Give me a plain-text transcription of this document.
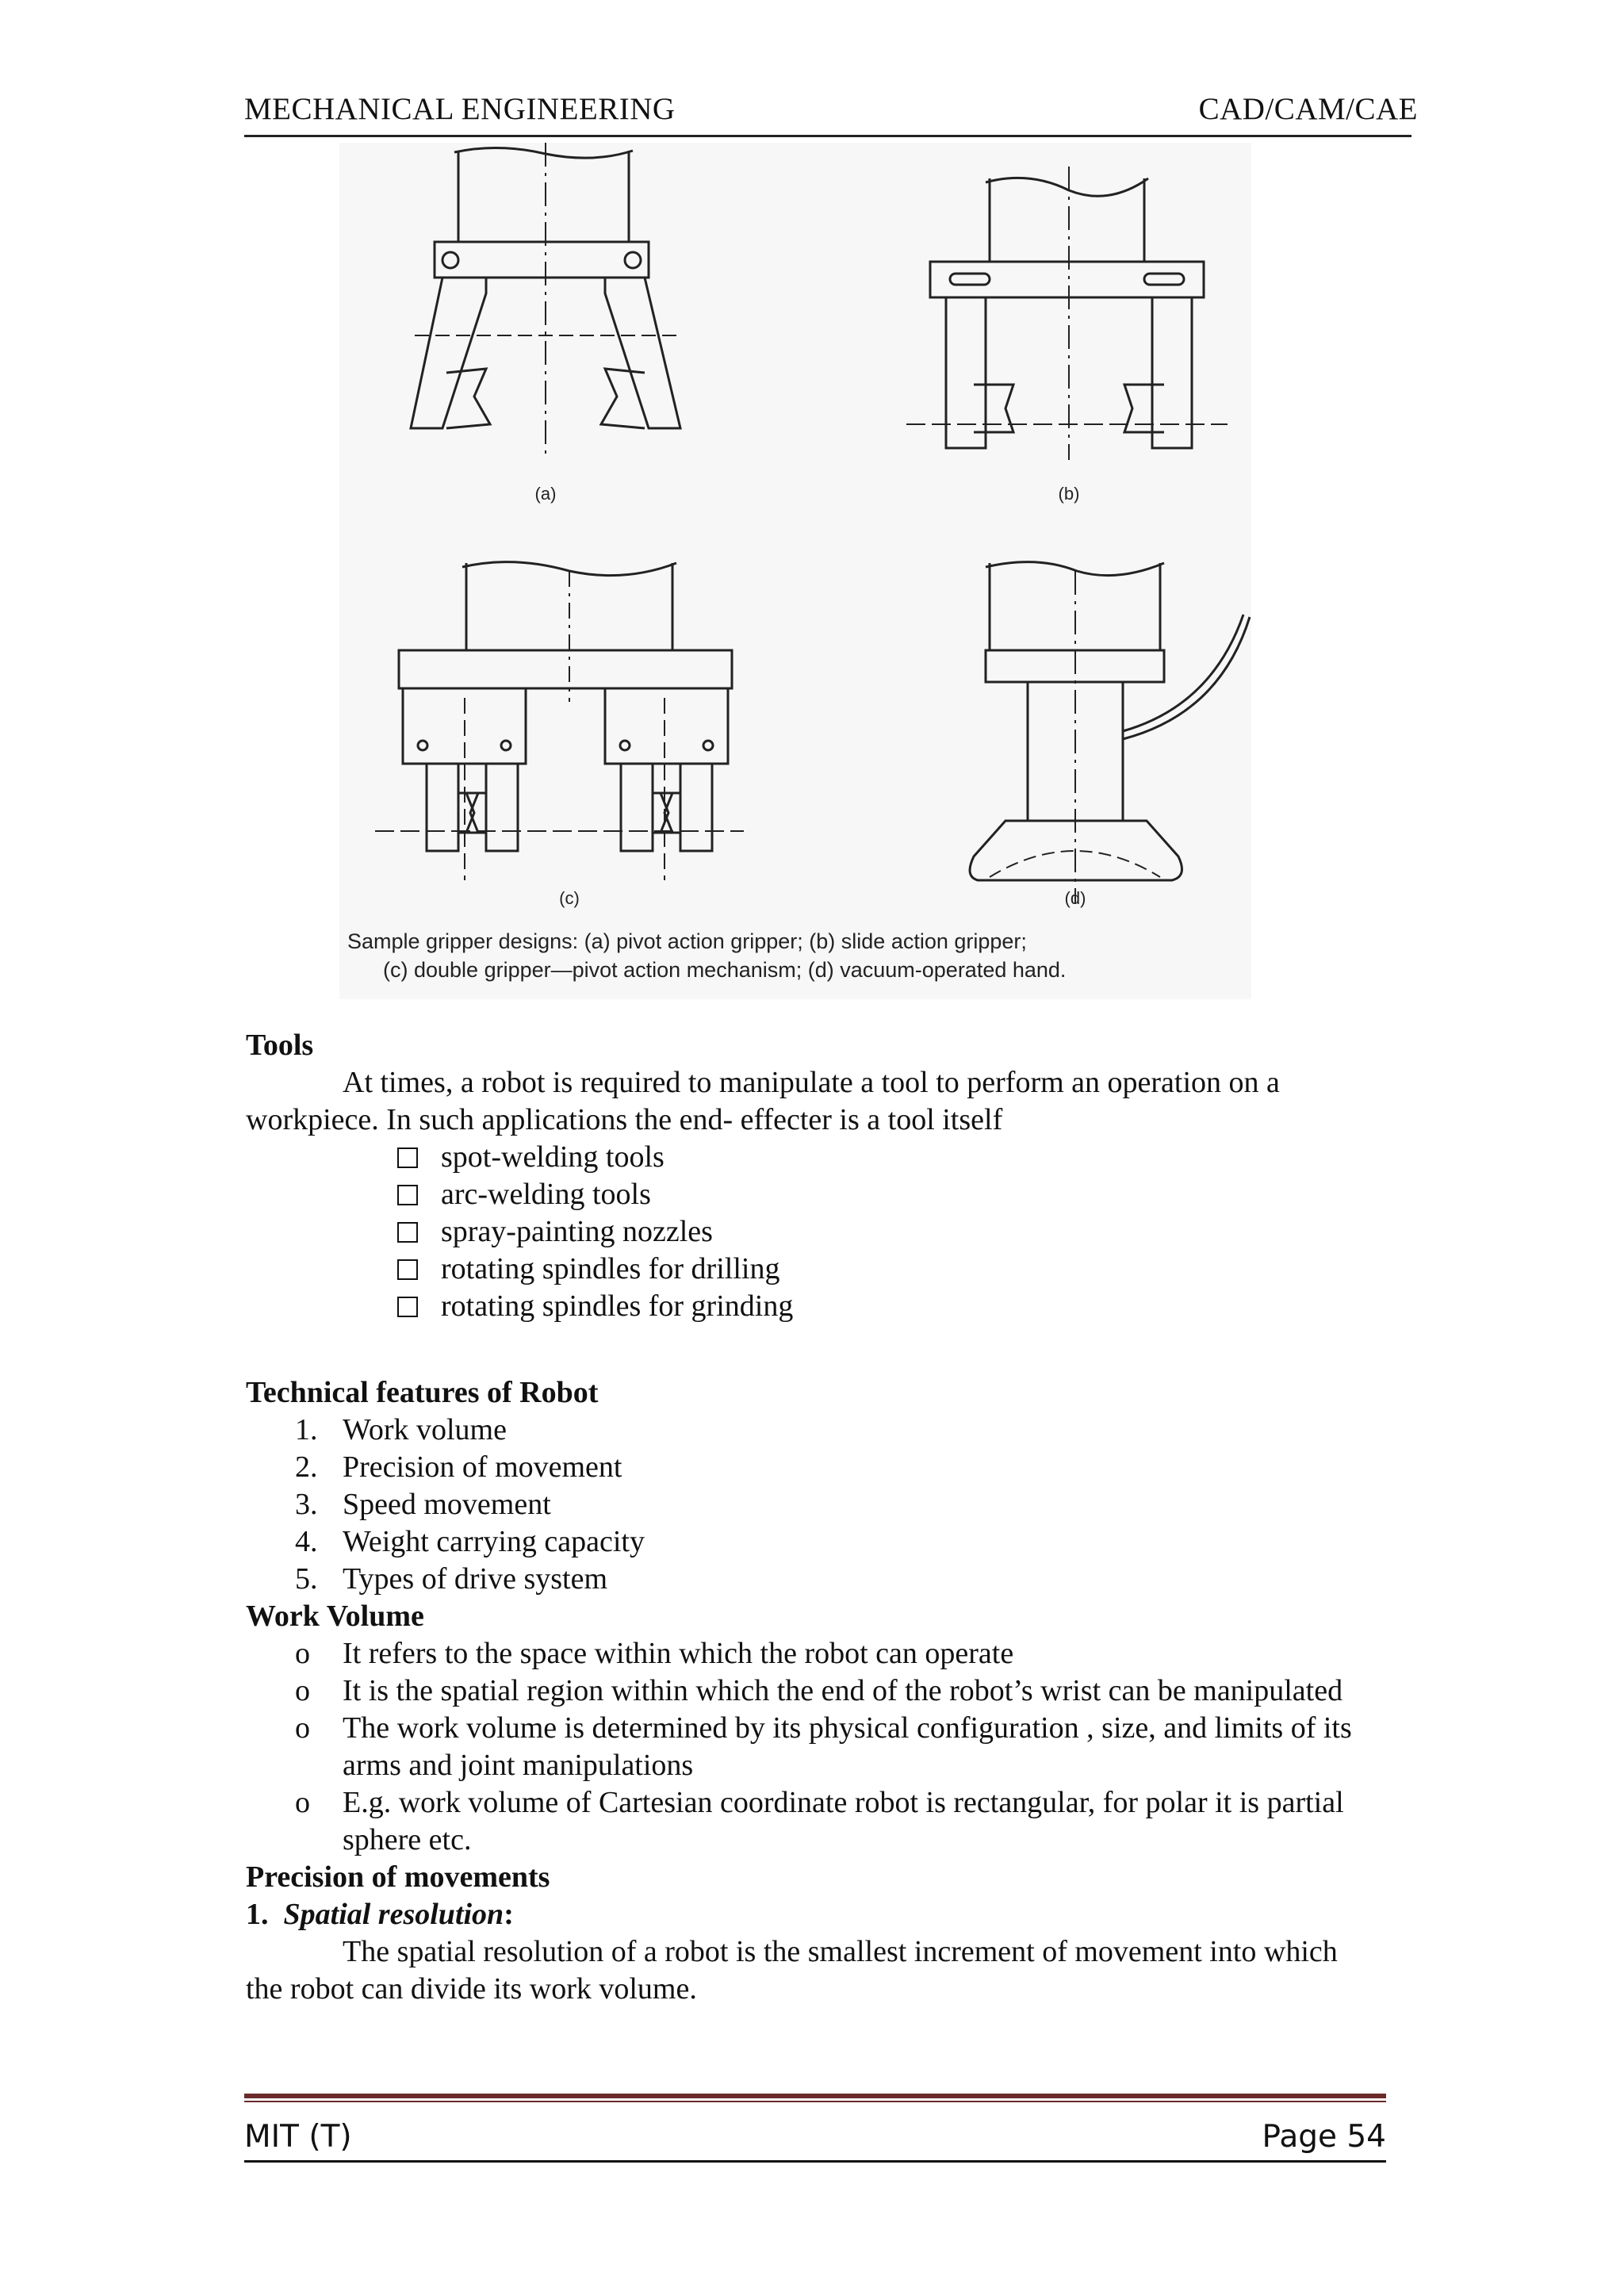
MECHANICAL ENGINEERING	CAD/CAM/CAE
(a)	(b)
(c)	(d)
Sample gripper designs: (a) pivot action gripper; (b) slide action gripper;
(c) double gripper—pivot action mechanism; (d) vacuum-operated hand.
Tools

At times, a robot is required to manipulate a tool to perform an operation on a workpiece. In such applications the end- effecter is a tool itself

spot-welding tools
arc-welding tools
spray-painting nozzles
rotating spindles for drilling
rotating spindles for grinding
Technical features of Robot
1. Work volume
2. Precision of movement
3. Speed movement
4. Weight carrying capacity
5. Types of drive system
Work Volume
o It refers to the space within which the robot can operate
o It is the spatial region within which the end of the robot’s wrist can be manipulated
o The work volume is determined by its physical configuration , size, and limits of its arms and joint manipulations
o E.g. work volume of Cartesian coordinate robot is rectangular, for polar it is partial sphere etc.
Precision of movements
1. Spatial resolution:

The spatial resolution of a robot is the smallest increment of movement into which the robot can divide its work volume.

MIT (T)	Page 54
